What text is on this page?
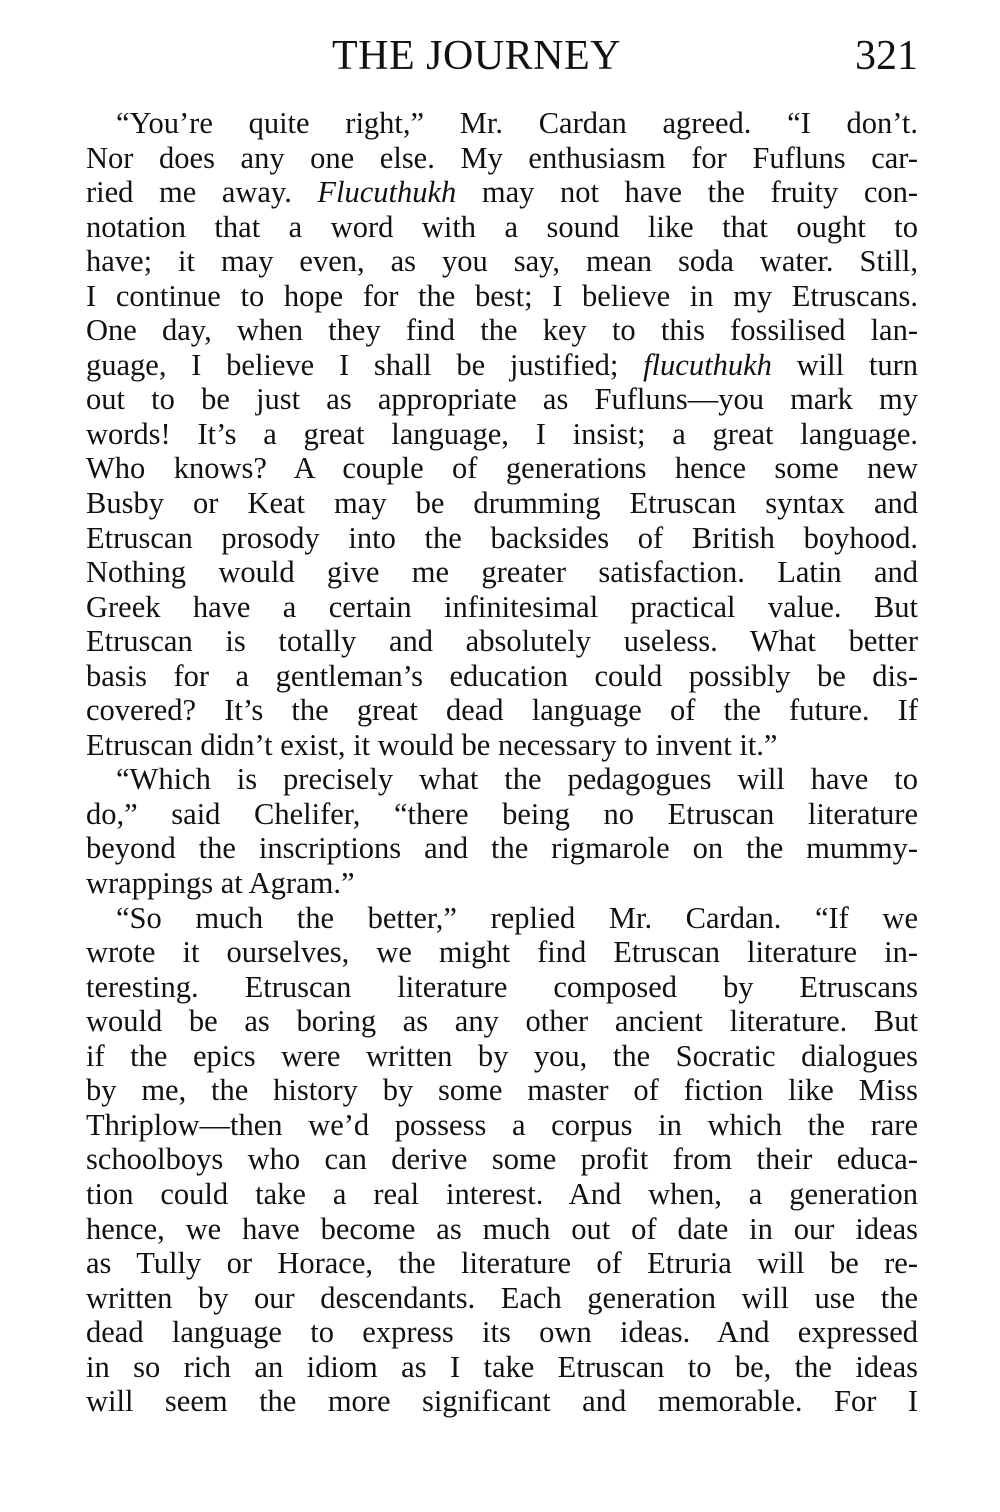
THE JOURNEY	321
“You’re quite right,” Mr. Cardan agreed. “I don’t.
Nor does any one else. My enthusiasm for Fufluns car-
ried me away. Flucuthukh may not have the fruity con-
notation that a word with a sound like that ought to
have; it may even, as you say, mean soda water. Still,
I continue to hope for the best; I believe in my Etruscans.
One day, when they find the key to this fossilised lan-
guage, I believe I shall be justified; flucuthukh will turn
out to be just as appropriate as Fufluns—you mark my
words! It’s a great language, I insist; a great language.
Who knows? A couple of generations hence some new
Busby or Keat may be drumming Etruscan syntax and
Etruscan prosody into the backsides of British boyhood.
Nothing would give me greater satisfaction. Latin and
Greek have a certain infinitesimal practical value. But
Etruscan is totally and absolutely useless. What better
basis for a gentleman’s education could possibly be dis-
covered? It’s the great dead language of the future. If
Etruscan didn’t exist, it would be necessary to invent it.”
“Which is precisely what the pedagogues will have to
do,” said Chelifer, “there being no Etruscan literature
beyond the inscriptions and the rigmarole on the mummy-
wrappings at Agram.”
“So much the better,” replied Mr. Cardan. “If we
wrote it ourselves, we might find Etruscan literature in-
teresting. Etruscan literature composed by Etruscans
would be as boring as any other ancient literature. But
if the epics were written by you, the Socratic dialogues
by me, the history by some master of fiction like Miss
Thriplow—then we’d possess a corpus in which the rare
schoolboys who can derive some profit from their educa-
tion could take a real interest. And when, a generation
hence, we have become as much out of date in our ideas
as Tully or Horace, the literature of Etruria will be re-
written by our descendants. Each generation will use the
dead language to express its own ideas. And expressed
in so rich an idiom as I take Etruscan to be, the ideas
will seem the more significant and memorable. For I
